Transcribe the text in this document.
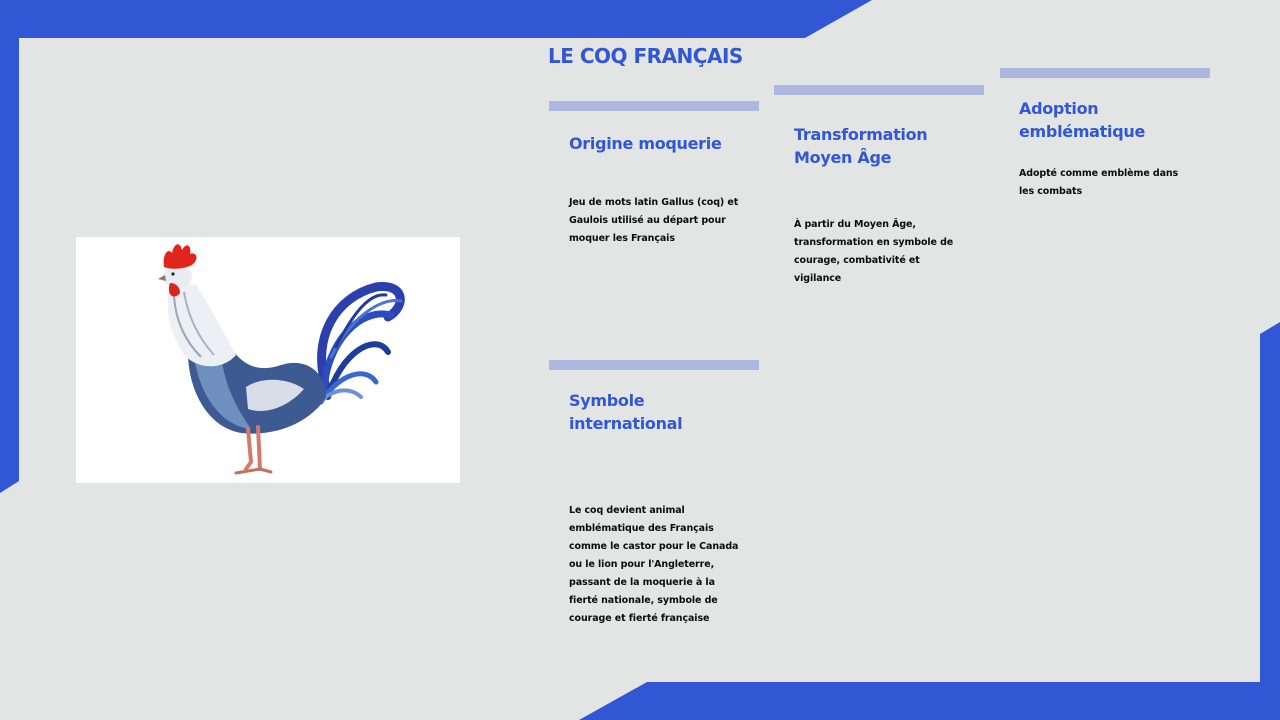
LE COQ FRANÇAIS
Origine moquerie

Jeu de mots latin Gallus (coq) et Gaulois utilisé au départ pour moquer les Français

Transformation Moyen Âge

À partir du Moyen Âge, transformation en symbole de courage, combativité et vigilance

Adoption emblématique

Adopté comme emblème dans les combats

Symbole international

Le coq devient animal emblématique des Français comme le castor pour le Canada ou le lion pour l'Angleterre, passant de la moquerie à la fierté nationale, symbole de courage et fierté française
